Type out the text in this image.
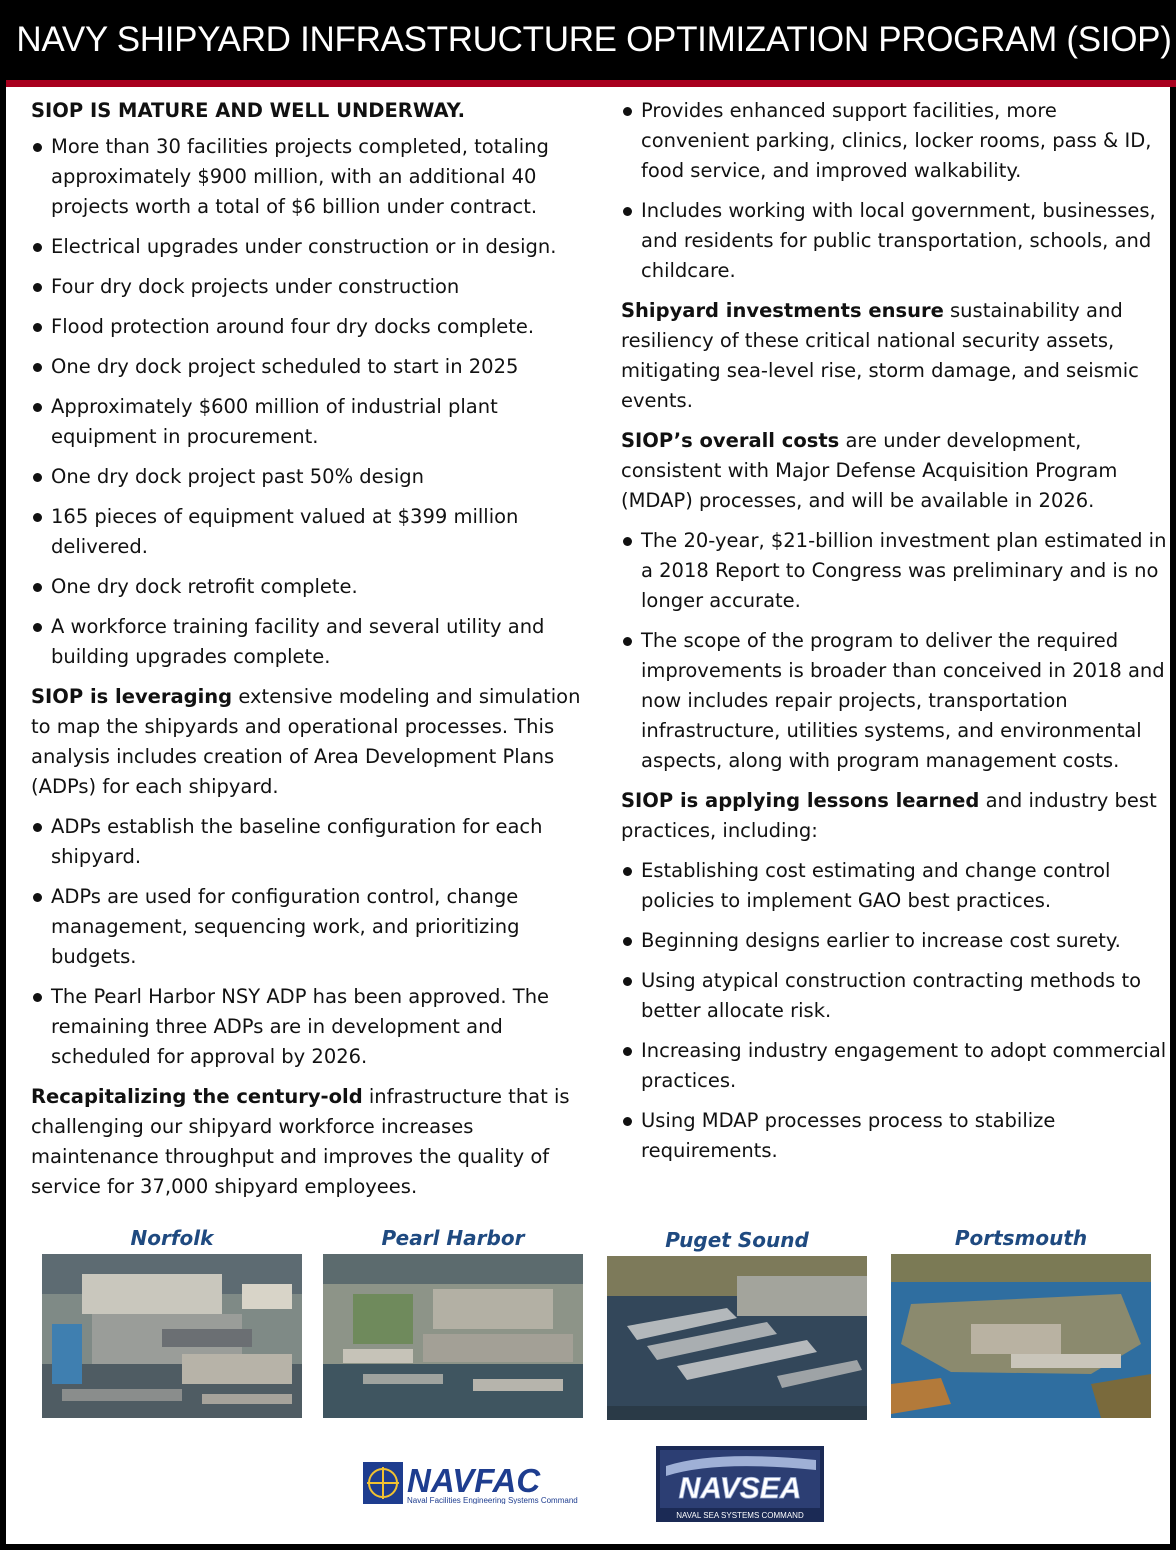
NAVY SHIPYARD INFRASTRUCTURE OPTIMIZATION PROGRAM (SIOP)
SIOP IS MATURE AND WELL UNDERWAY.
More than 30 facilities projects completed, totaling approximately $900 million, with an additional 40 projects worth a total of $6 billion under contract.
Electrical upgrades under construction or in design.
Four dry dock projects under construction
Flood protection around four dry docks complete.
One dry dock project scheduled to start in 2025
Approximately $600 million of industrial plant equipment in procurement.
One dry dock project past 50% design
165 pieces of equipment valued at $399 million delivered.
One dry dock retrofit complete.
A workforce training facility and several utility and building upgrades complete.

SIOP is leveraging extensive modeling and simulation to map the shipyards and operational processes. This analysis includes creation of Area Development Plans (ADPs) for each shipyard.

ADPs establish the baseline configuration for each shipyard.
ADPs are used for configuration control, change management, sequencing work, and prioritizing budgets.
The Pearl Harbor NSY ADP has been approved. The remaining three ADPs are in development and scheduled for approval by 2026.

Recapitalizing the century-old infrastructure that is challenging our shipyard workforce increases maintenance throughput and improves the quality of service for 37,000 shipyard employees.

Provides enhanced support facilities, more convenient parking, clinics, locker rooms, pass & ID, food service, and improved walkability.
Includes working with local government, businesses, and residents for public transportation, schools, and childcare.

Shipyard investments ensure sustainability and resiliency of these critical national security assets, mitigating sea-level rise, storm damage, and seismic events.

SIOP’s overall costs are under development, consistent with Major Defense Acquisition Program (MDAP) processes, and will be available in 2026.

The 20-year, $21-billion investment plan estimated in a 2018 Report to Congress was preliminary and is no longer accurate.
The scope of the program to deliver the required improvements is broader than conceived in 2018 and now includes repair projects, transportation infrastructure, utilities systems, and environmental aspects, along with program management costs.

SIOP is applying lessons learned and industry best practices, including:

Establishing cost estimating and change control policies to implement GAO best practices.
Beginning designs earlier to increase cost surety.
Using atypical construction contracting methods to better allocate risk.
Increasing industry engagement to adopt commercial practices.
Using MDAP processes process to stabilize requirements.
Norfolk	Pearl Harbor	Puget Sound	Portsmouth
NAVFAC
Naval Facilities Engineering Systems Command	NAVSEA
NAVAL SEA SYSTEMS COMMAND
